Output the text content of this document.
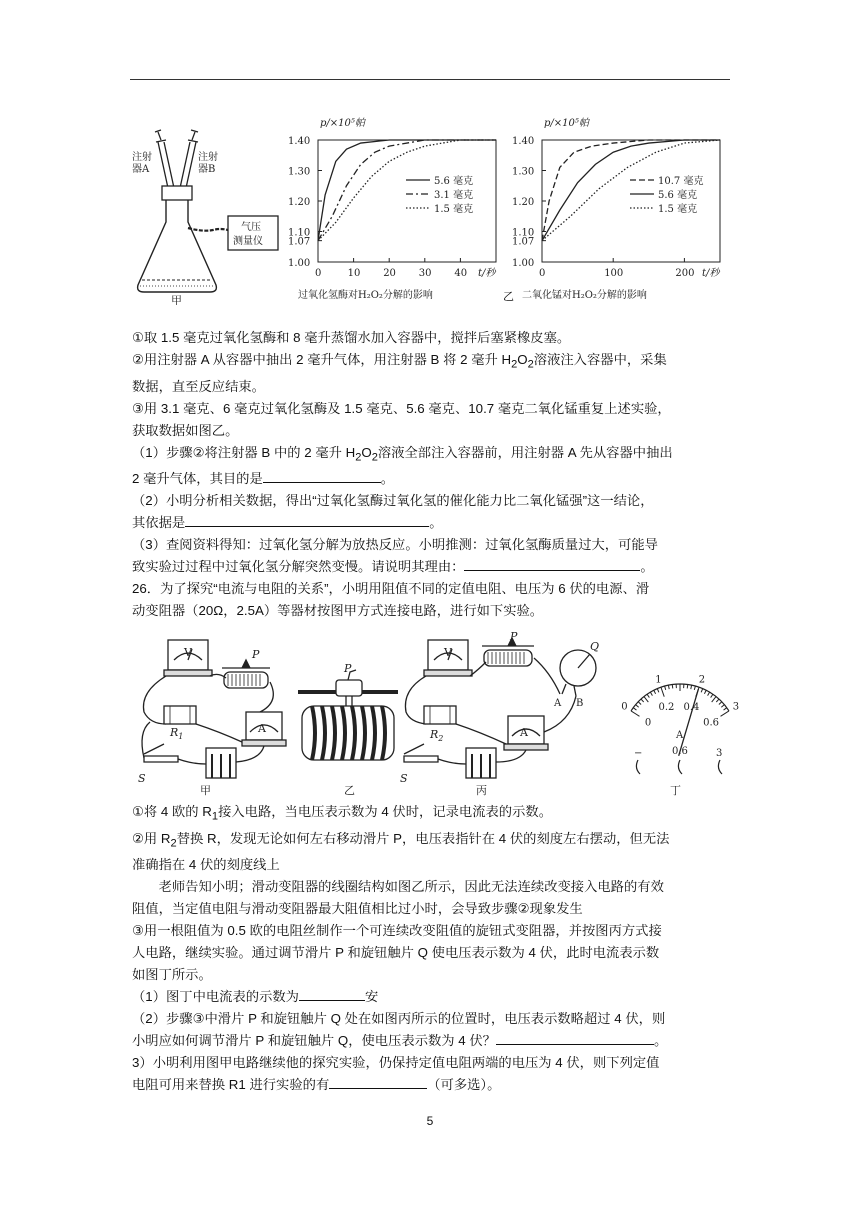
气压
测量仪
注射
器A
注射
器B
甲
1.00
1.07
1.10
1.20
1.30
1.40
0	10 20 30 40
p/×10⁵帕
t/秒
过氧化氢酶对H₂O₂分解的影响
5.6 毫克
3.1 毫克
1.5 毫克
1.00
1.07
1.10
1.20
1.30
1.40
0	100	200
p/×10⁵帕
t/秒
二氧化锰对H₂O₂分解的影响
10.7 毫克
5.6 毫克
1.5 毫克
乙

①取 1.5 毫克过氧化氢酶和 8 毫升蒸馏水加入容器中，搅拌后塞紧橡皮塞。

②用注射器 A 从容器中抽出 2 毫升气体，用注射器 B 将 2 毫升 $H_2O_2$溶液注入容器中，采集

数据，直至反应结束。

③用 3.1 毫克、6 毫克过氧化氢酶及 1.5 毫克、5.6 毫克、10.7 毫克二氧化锰重复上述实验，

获取数据如图乙。

（1）步骤②将注射器 B 中的 2 毫升 $H_2O_2$溶液全部注入容器前，用注射器 A 先从容器中抽出

2 毫升气体，其目的是	。

（2）小明分析相关数据，得出“过氧化氢酶过氧化氢的催化能力比二氧化锰强”这一结论，

其依据是	。

（3）查阅资料得知：过氧化氢分解为放热反应。小明推测：过氧化氢酶质量过大，可能导

致实验过过程中过氧化氢分解突然变慢。请说明其理由：	。

26．为了探究“电流与电阻的关系”，小明用阻值不同的定值电阻、电压为 6 伏的电源、滑

动变阻器（20Ω，2.5A）等器材按图甲方式连接电路，进行如下实验。

P
V
$R_1$
A
S
甲
P
乙
P
V
$R_2$	A
Q
A B
S
丙
0
1	2
3
0
0.2 0.4
0.6
A
−	0.6	3
丁

①将 4 欧的 $R_1$接入电路，当电压表示数为 4 伏时，记录电流表的示数。

②用 $R_2$替换 R，发现无论如何左右移动滑片 P，电压表指针在 4 伏的刻度左右摆动，但无法

准确指在 4 伏的刻度线上

老师告知小明；滑动变阻器的线圈结构如图乙所示，因此无法连续改变接入电路的有效

阻值，当定值电阻与滑动变阻器最大阻值相比过小时，会导致步骤②现象发生

③用一根阻值为 0.5 欧的电阻丝制作一个可连续改变阻值的旋钮式变阻器，并按图丙方式接

人电路，继续实验。通过调节滑片 P 和旋钮触片 Q 使电压表示数为 4 伏，此时电流表示数

如图丁所示。

（1）图丁中电流表的示数为	安

（2）步骤③中滑片 P 和旋钮触片 Q 处在如图丙所示的位置时，电压表示数略超过 4 伏，则

小明应如何调节滑片 P 和旋钮触片 Q，使电压表示数为 4 伏？	。

3）小明利用图甲电路继续他的探究实验，仍保持定值电阻两端的电压为 4 伏，则下列定值

电阻可用来替换 R1 进行实验的有	（可多选）。

5
